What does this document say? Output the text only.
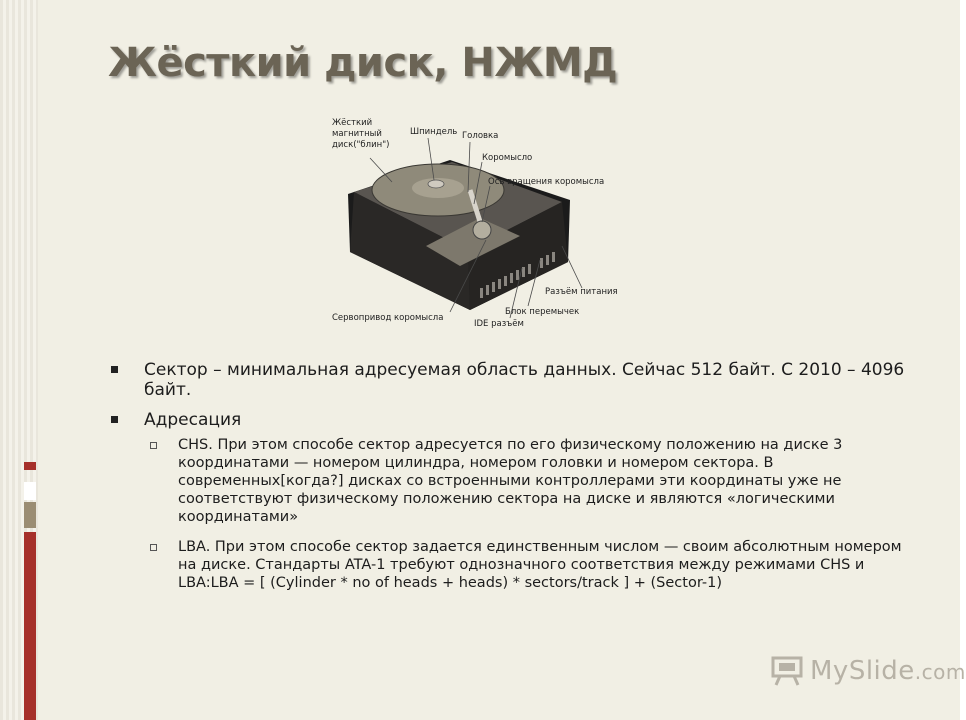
Жёсткий диск, НЖМД
Жёсткий
магнитный
диск("блин")
Шпиндель Головка
Коромысло
Ось вращения коромысла
Разъём питания
Блок перемычек
Сервопривод коромысла
IDE разъём
Сектор – минимальная адресуемая область данных. Сейчас 512 байт. С 2010 – 4096 байт.
Адресация
CHS. При этом способе сектор адресуется по его физическому положению на диске 3 координатами — номером цилиндра, номером головки и номером сектора. В современных[когда?] дисках со встроенными контроллерами эти координаты уже не соответствуют физическому положению сектора на диске и являются «логическими координатами»
LBA. При этом способе сектор задается единственным числом — своим абсолютным номером на диске. Стандарты ATA-1 требуют однозначного соответствия между режимами CHS и LBA:LBA = [ (Cylinder * no of heads + heads) * sectors/track ] + (Sector-1)
MySlide.com
